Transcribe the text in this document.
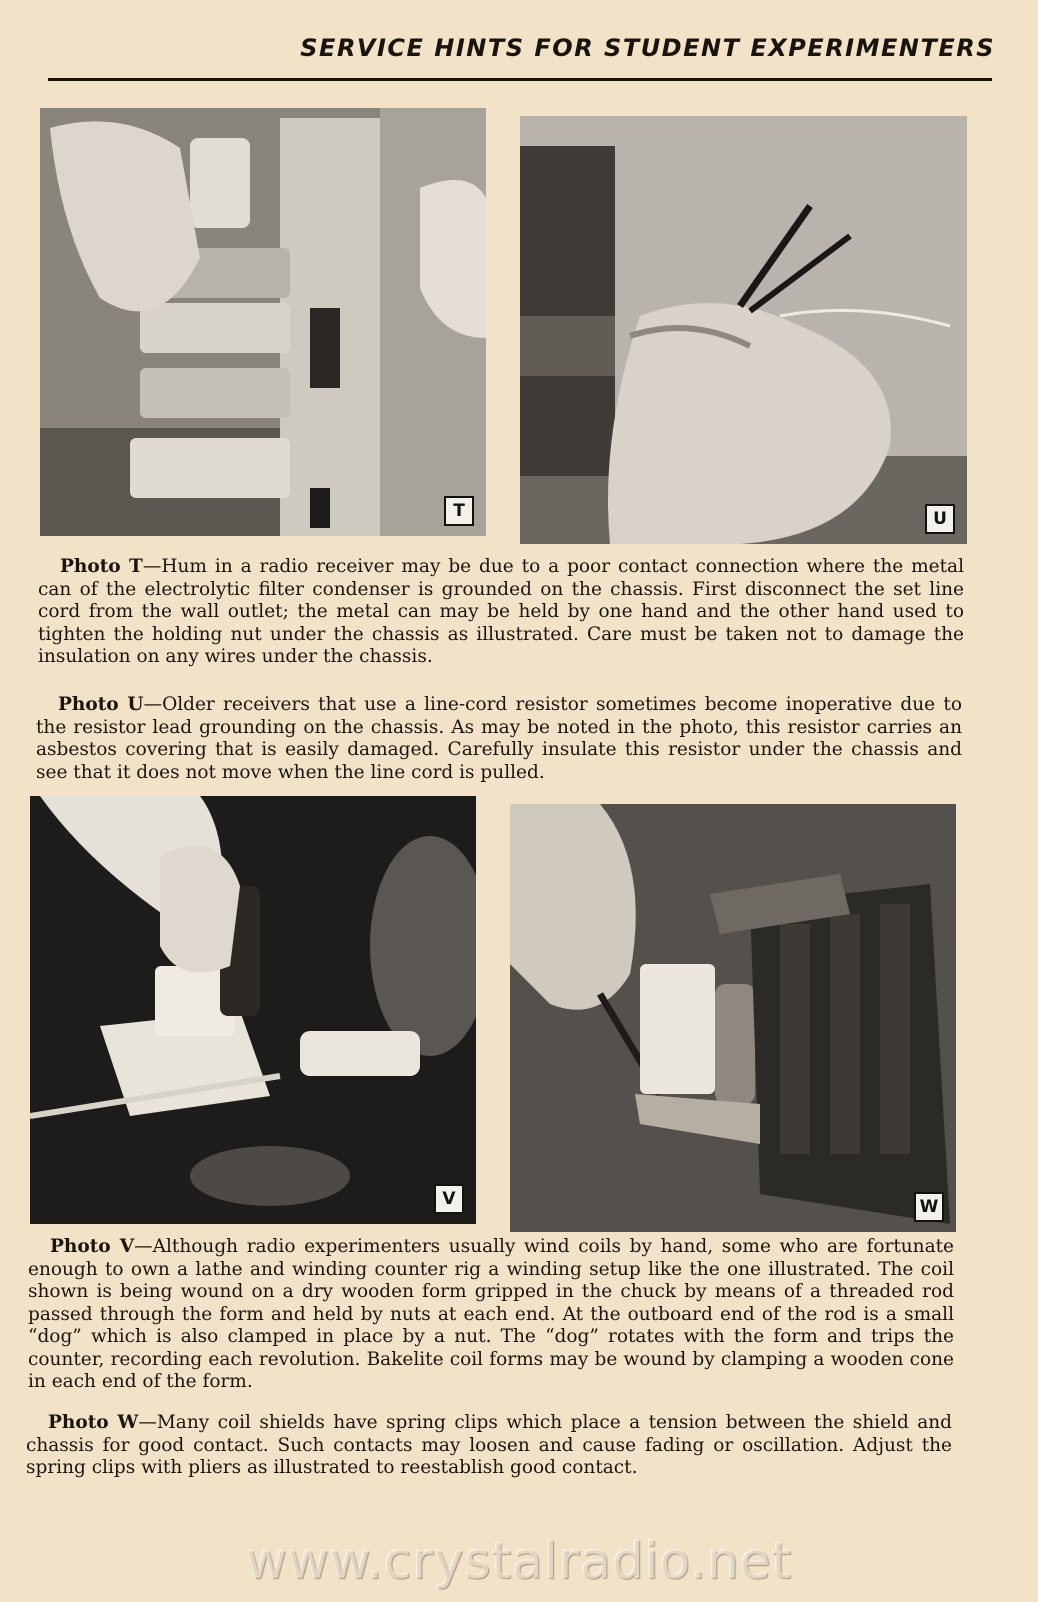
SERVICE HINTS FOR STUDENT EXPERIMENTERS
T	U
Photo T—Hum in a radio receiver may be due to a poor contact connection where the metal can of the electrolytic filter condenser is grounded on the chassis. First disconnect the set line cord from the wall outlet; the metal can may be held by one hand and the other hand used to tighten the holding nut under the chassis as illustrated. Care must be taken not to damage the insulation on any wires under the chassis.
Photo U—Older receivers that use a line-cord resistor sometimes become inoperative due to the resistor lead grounding on the chassis. As may be noted in the photo, this resistor carries an asbestos covering that is easily damaged. Carefully insulate this resistor under the chassis and see that it does not move when the line cord is pulled.
V	W
Photo V—Although radio experimenters usually wind coils by hand, some who are fortunate enough to own a lathe and winding counter rig a winding setup like the one illustrated. The coil shown is being wound on a dry wooden form gripped in the chuck by means of a threaded rod passed through the form and held by nuts at each end. At the outboard end of the rod is a small “dog” which is also clamped in place by a nut. The “dog” rotates with the form and trips the counter, recording each revolution. Bakelite coil forms may be wound by clamping a wooden cone in each end of the form.
Photo W—Many coil shields have spring clips which place a tension between the shield and chassis for good contact. Such contacts may loosen and cause fading or oscillation. Adjust the spring clips with pliers as illustrated to reestablish good contact.
www.crystalradio.net
